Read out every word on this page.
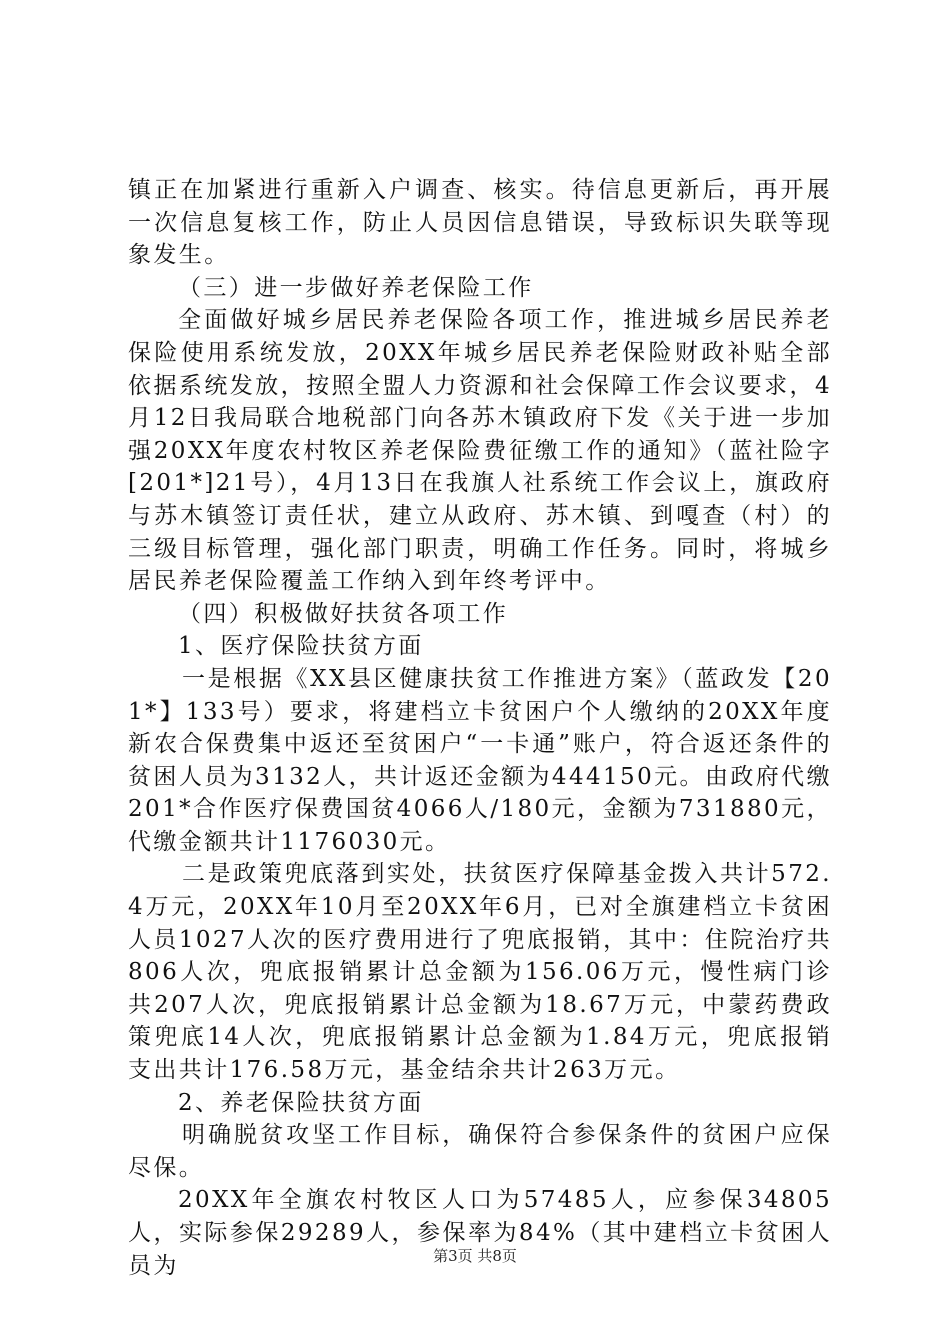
镇正在加紧进行重新入户调查、核实。待信息更新后，再开展一次信息复核工作，防止人员因信息错误，导致标识失联等现象发生。

（三）进一步做好养老保险工作

全面做好城乡居民养老保险各项工作，推进城乡居民养老保险使用系统发放，20XX年城乡居民养老保险财政补贴全部依据系统发放，按照全盟人力资源和社会保障工作会议要求，4月12日我局联合地税部门向各苏木镇政府下发《关于进一步加强20XX年度农村牧区养老保险费征缴工作的通知》（蓝社险字[201*]21号），4月13日在我旗人社系统工作会议上，旗政府与苏木镇签订责任状，建立从政府、苏木镇、到嘎查（村）的三级目标管理，强化部门职责，明确工作任务。同时，将城乡居民养老保险覆盖工作纳入到年终考评中。

（四）积极做好扶贫各项工作

1、医疗保险扶贫方面

一是根据《XX县区健康扶贫工作推进方案》（蓝政发【201*】133号）要求，将建档立卡贫困户个人缴纳的20XX年度新农合保费集中返还至贫困户“一卡通”账户，符合返还条件的贫困人员为3132人，共计返还金额为444150元。由政府代缴201*合作医疗保费国贫4066人/180元，金额为731880元，代缴金额共计1176030元。

二是政策兜底落到实处，扶贫医疗保障基金拨入共计572.4万元，20XX年10月至20XX年6月，已对全旗建档立卡贫困人员1027人次的医疗费用进行了兜底报销，其中：住院治疗共806人次，兜底报销累计总金额为156.06万元，慢性病门诊共207人次，兜底报销累计总金额为18.67万元，中蒙药费政策兜底14人次，兜底报销累计总金额为1.84万元，兜底报销支出共计176.58万元，基金结余共计263万元。

2、养老保险扶贫方面

明确脱贫攻坚工作目标，确保符合参保条件的贫困户应保尽保。

20XX年全旗农村牧区人口为57485人，应参保34805人，实际参保29289人，参保率为84%（其中建档立卡贫困人员为	第3页 共8页
